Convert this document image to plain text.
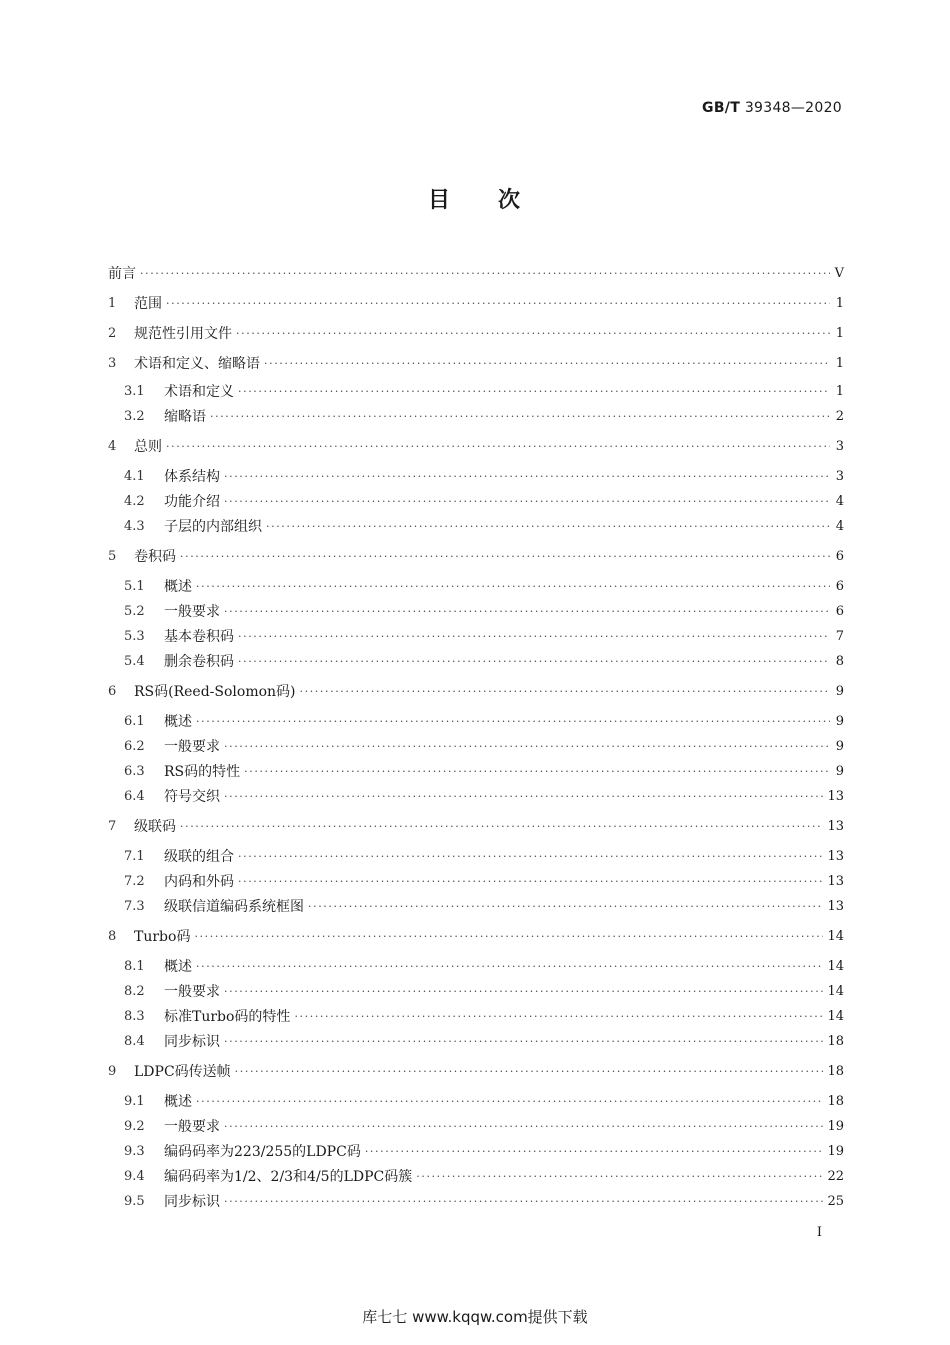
GB/T 39348—2020
目 次
前言 ·····	V
1	范围 ·····	1
2	规范性引用文件 ·····	1
3	术语和定义、缩略语 ·····	1
3.1	术语和定义 ·····	1
3.2	缩略语 ·····	2
4	总则 ·····	3
4.1	体系结构 ·····	3
4.2	功能介绍 ·····	4
4.3	子层的内部组织 ·····	4
5	卷积码 ·····	6
5.1	概述 ·····	6
5.2	一般要求 ·····	6
5.3	基本卷积码 ·····	7
5.4	删余卷积码 ·····	8
6	RS码(Reed-Solomon码) ·····	9
6.1	概述 ·····	9
6.2	一般要求 ·····	9
6.3	RS码的特性 ·····	9
6.4	符号交织 ·····	13
7	级联码 ·····	13
7.1	级联的组合 ·····	13
7.2	内码和外码 ·····	13
7.3	级联信道编码系统框图 ·····	13
8	Turbo码 ·····	14
8.1	概述 ·····	14
8.2	一般要求 ·····	14
8.3	标准Turbo码的特性 ·····	14
8.4	同步标识 ·····	18
9	LDPC码传送帧 ·····	18
9.1	概述 ·····	18
9.2	一般要求 ·····	19
9.3	编码码率为223/255的LDPC码 ·····	19
9.4	编码码率为1/2、2/3和4/5的LDPC码簇 ·····	22
9.5	同步标识 ·····	25
I
库七七 www.kqqw.com提供下载
